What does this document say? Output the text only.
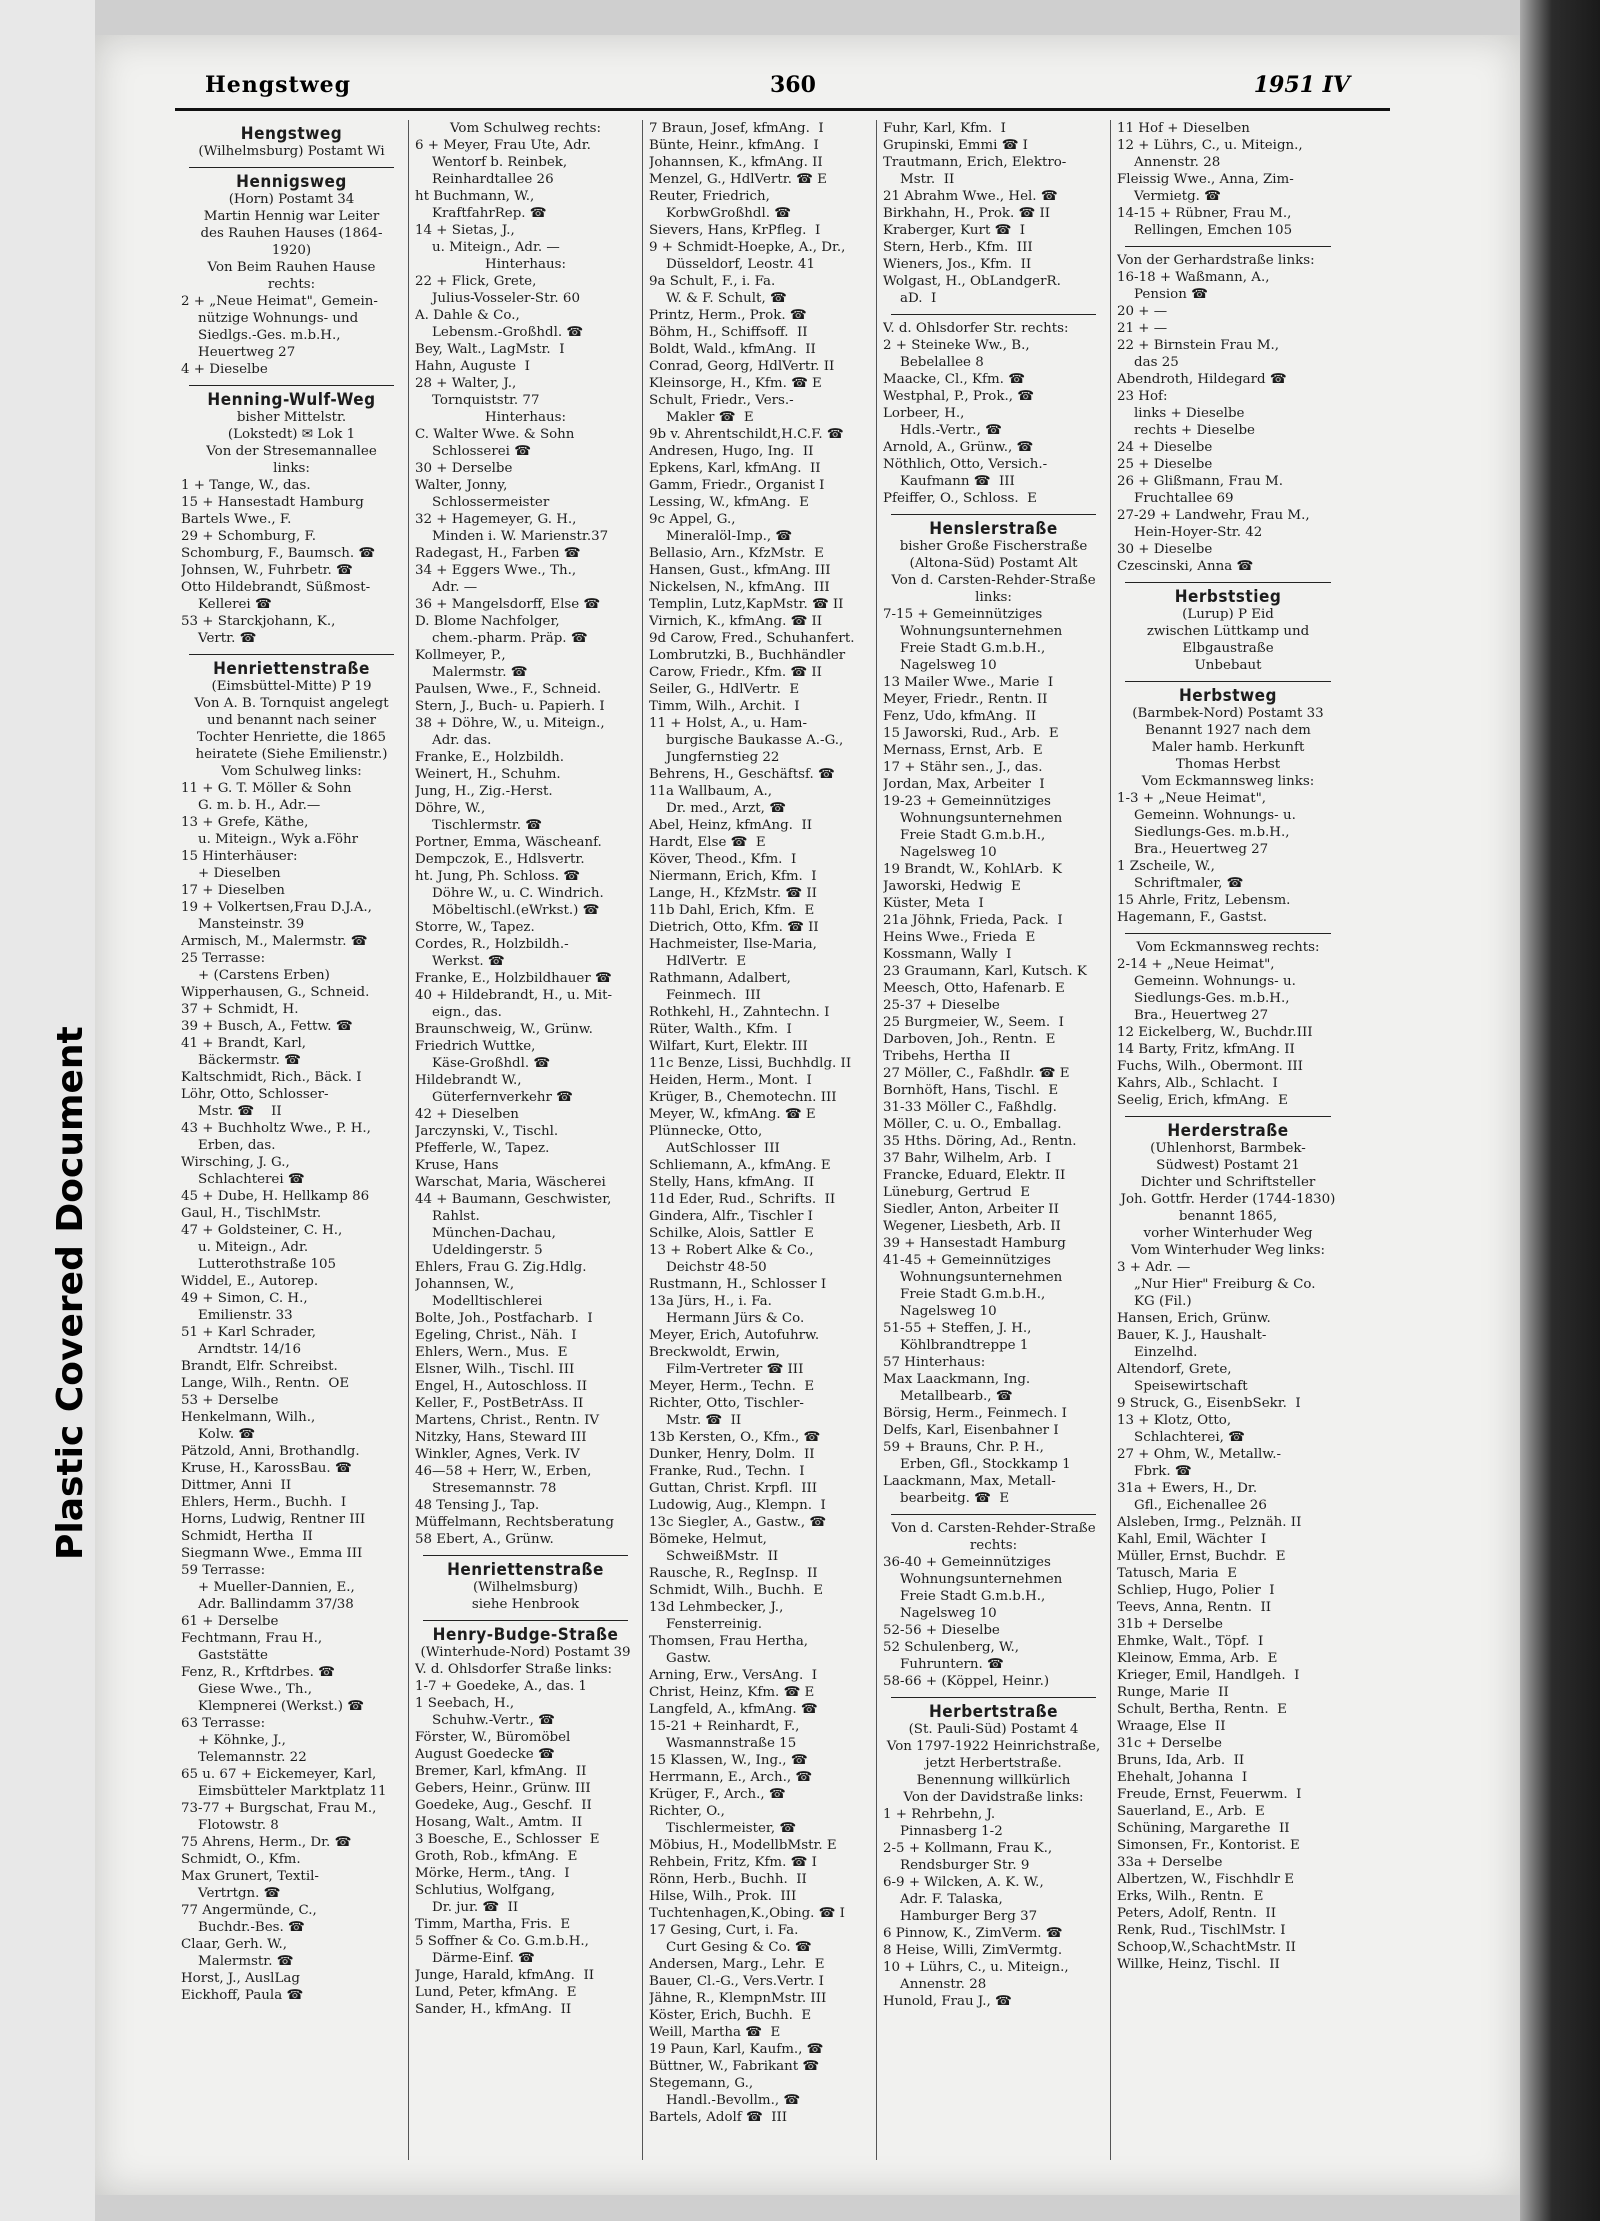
Plastic Covered Document
Hengstweg	360	1951 IV
Hengstweg
(Wilhelmsburg) Postamt Wi
Hennigsweg
(Horn) Postamt 34
Martin Hennig war Leiter
des Rauhen Hauses (1864-1920)
Von Beim Rauhen Hause
rechts:
2 + „Neue Heimat", Gemein-
nützige Wohnungs- und
Siedlgs.-Ges. m.b.H.,
Heuertweg 27
4 + Dieselbe
Henning-Wulf-Weg
bisher Mittelstr.
(Lokstedt) ✉ Lok 1
Von der Stresemannallee
links:
1 + Tange, W., das.
15 + Hansestadt Hamburg
Bartels Wwe., F.
29 + Schomburg, F.
Schomburg, F., Baumsch. ☎
Johnsen, W., Fuhrbetr. ☎
Otto Hildebrandt, Süßmost-
Kellerei ☎
53 + Starckjohann, K.,
Vertr. ☎
Henriettenstraße
(Eimsbüttel-Mitte) P 19
Von A. B. Tornquist angelegt
und benannt nach seiner
Tochter Henriette, die 1865
heiratete (Siehe Emilienstr.)
Vom Schulweg links:
11 + G. T. Möller & Sohn
G. m. b. H., Adr.—
13 + Grefe, Käthe,
u. Miteign., Wyk a.Föhr
15 Hinterhäuser:
+ Dieselben
17 + Dieselben
19 + Volkertsen,Frau D.J.A.,
Mansteinstr. 39
Armisch, M., Malermstr. ☎
25 Terrasse:
+ (Carstens Erben)
Wipperhausen, G., Schneid.
37 + Schmidt, H.
39 + Busch, A., Fettw. ☎
41 + Brandt, Karl,
Bäckermstr. ☎
Kaltschmidt, Rich., Bäck. I
Löhr, Otto, Schlosser-
Mstr. ☎    II
43 + Buchholtz Wwe., P. H.,
Erben, das.
Wirsching, J. G.,
Schlachterei ☎
45 + Dube, H. Hellkamp 86
Gaul, H., TischlMstr.
47 + Goldsteiner, C. H.,
u. Miteign., Adr.
Lutterothstraße 105
Widdel, E., Autorep.
49 + Simon, C. H.,
Emilienstr. 33
51 + Karl Schrader,
Arndtstr. 14/16
Brandt, Elfr. Schreibst.
Lange, Wilh., Rentn.  OE
53 + Derselbe
Henkelmann, Wilh.,
Kolw. ☎
Pätzold, Anni, Brothandlg.
Kruse, H., KarossBau. ☎
Dittmer, Anni  II
Ehlers, Herm., Buchh.  I
Horns, Ludwig, Rentner III
Schmidt, Hertha  II
Siegmann Wwe., Emma III
59 Terrasse:
+ Mueller-Dannien, E.,
Adr. Ballindamm 37/38
61 + Derselbe
Fechtmann, Frau H.,
Gaststätte
Fenz, R., Krftdrbes. ☎
Giese Wwe., Th.,
Klempnerei (Werkst.) ☎
63 Terrasse:
+ Köhnke, J.,
Telemannstr. 22
65 u. 67 + Eickemeyer, Karl,
Eimsbütteler Marktplatz 11
73-77 + Burgschat, Frau M.,
Flotowstr. 8
75 Ahrens, Herm., Dr. ☎
Schmidt, O., Kfm.
Max Grunert, Textil-
Vertrtgn. ☎
77 Angermünde, C.,
Buchdr.-Bes. ☎
Claar, Gerh. W.,
Malermstr. ☎
Horst, J., AuslLag
Eickhoff, Paula ☎
Vom Schulweg rechts:
6 + Meyer, Frau Ute, Adr.
Wentorf b. Reinbek,
Reinhardtallee 26
ht Buchmann, W.,
KraftfahrRep. ☎
14 + Sietas, J.,
u. Miteign., Adr. —
Hinterhaus:
22 + Flick, Grete,
Julius-Vosseler-Str. 60
A. Dahle & Co.,
Lebensm.-Großhdl. ☎
Bey, Walt., LagMstr.  I
Hahn, Auguste  I
28 + Walter, J.,
Tornquiststr. 77
Hinterhaus:
C. Walter Wwe. & Sohn
Schlosserei ☎
30 + Derselbe
Walter, Jonny,
Schlossermeister
32 + Hagemeyer, G. H.,
Minden i. W. Marienstr.37
Radegast, H., Farben ☎
34 + Eggers Wwe., Th.,
Adr. —
36 + Mangelsdorff, Else ☎
D. Blome Nachfolger,
chem.-pharm. Präp. ☎
Kollmeyer, P.,
Malermstr. ☎
Paulsen, Wwe., F., Schneid.
Stern, J., Buch- u. Papierh. I
38 + Döhre, W., u. Miteign.,
Adr. das.
Franke, E., Holzbildh.
Weinert, H., Schuhm.
Jung, H., Zig.-Herst.
Döhre, W.,
Tischlermstr. ☎
Portner, Emma, Wäscheanf.
Dempczok, E., Hdlsvertr.
ht. Jung, Ph. Schloss. ☎
Döhre W., u. C. Windrich.
Möbeltischl.(eWrkst.) ☎
Storre, W., Tapez.
Cordes, R., Holzbildh.-
Werkst. ☎
Franke, E., Holzbildhauer ☎
40 + Hildebrandt, H., u. Mit-
eign., das.
Braunschweig, W., Grünw.
Friedrich Wuttke,
Käse-Großhdl. ☎
Hildebrandt W.,
Güterfernverkehr ☎
42 + Dieselben
Jarczynski, V., Tischl.
Pfefferle, W., Tapez.
Kruse, Hans
Warschat, Maria, Wäscherei
44 + Baumann, Geschwister,
Rahlst.
München-Dachau,
Udeldingerstr. 5
Ehlers, Frau G. Zig.Hdlg.
Johannsen, W.,
Modelltischlerei
Bolte, Joh., Postfacharb.  I
Egeling, Christ., Näh.  I
Ehlers, Wern., Mus.  E
Elsner, Wilh., Tischl. III
Engel, H., Autoschloss. II
Keller, F., PostBetrAss. II
Martens, Christ., Rentn. IV
Nitzky, Hans, Steward III
Winkler, Agnes, Verk. IV
46—58 + Herr, W., Erben,
Stresemannstr. 78
48 Tensing J., Tap.
Müffelmann, Rechtsberatung
58 Ebert, A., Grünw.
Henriettenstraße
(Wilhelmsburg)
siehe Henbrook
Henry-Budge-Straße
(Winterhude-Nord) Postamt 39
V. d. Ohlsdorfer Straße links:
1-7 + Goedeke, A., das. 1
1 Seebach, H.,
Schuhw.-Vertr., ☎
Förster, W., Büromöbel
August Goedecke ☎
Bremer, Karl, kfmAng.  II
Gebers, Heinr., Grünw. III
Goedeke, Aug., Geschf.  II
Hosang, Walt., Amtm.  II
3 Boesche, E., Schlosser  E
Groth, Rob., kfmAng.  E
Mörke, Herm., tAng.  I
Schlutius, Wolfgang,
Dr. jur. ☎  II
Timm, Martha, Fris.  E
5 Soffner & Co. G.m.b.H.,
Därme-Einf. ☎
Junge, Harald, kfmAng.  II
Lund, Peter, kfmAng.  E
Sander, H., kfmAng.  II
7 Braun, Josef, kfmAng.  I
Bünte, Heinr., kfmAng.  I
Johannsen, K., kfmAng. II
Menzel, G., HdlVertr. ☎ E
Reuter, Friedrich,
KorbwGroßhdl. ☎
Sievers, Hans, KrPfleg.  I
9 + Schmidt-Hoepke, A., Dr.,
Düsseldorf, Leostr. 41
9a Schult, F., i. Fa.
W. & F. Schult, ☎
Printz, Herm., Prok. ☎
Böhm, H., Schiffsoff.  II
Boldt, Wald., kfmAng.  II
Conrad, Georg, HdlVertr. II
Kleinsorge, H., Kfm. ☎ E
Schult, Friedr., Vers.-
Makler ☎  E
9b v. Ahrentschildt,H.C.F. ☎
Andresen, Hugo, Ing.  II
Epkens, Karl, kfmAng.  II
Gamm, Friedr., Organist I
Lessing, W., kfmAng.  E
9c Appel, G.,
Mineralöl-Imp., ☎
Bellasio, Arn., KfzMstr.  E
Hansen, Gust., kfmAng. III
Nickelsen, N., kfmAng.  III
Templin, Lutz,KapMstr. ☎ II
Virnich, K., kfmAng. ☎ II
9d Carow, Fred., Schuhanfert.
Lombrutzki, B., Buchhändler
Carow, Friedr., Kfm. ☎ II
Seiler, G., HdlVertr.  E
Timm, Wilh., Archit.  I
11 + Holst, A., u. Ham-
burgische Baukasse A.-G.,
Jungfernstieg 22
Behrens, H., Geschäftsf. ☎
11a Wallbaum, A.,
Dr. med., Arzt, ☎
Abel, Heinz, kfmAng.  II
Hardt, Else ☎  E
Köver, Theod., Kfm.  I
Niermann, Erich, Kfm.  I
Lange, H., KfzMstr. ☎ II
11b Dahl, Erich, Kfm.  E
Dietrich, Otto, Kfm. ☎ II
Hachmeister, Ilse-Maria,
HdlVertr.  E
Rathmann, Adalbert,
Feinmech.  III
Rothkehl, H., Zahntechn. I
Rüter, Walth., Kfm.  I
Wilfart, Kurt, Elektr. III
11c Benze, Lissi, Buchhdlg. II
Heiden, Herm., Mont.  I
Krüger, B., Chemotechn. III
Meyer, W., kfmAng. ☎ E
Plünnecke, Otto,
AutSchlosser  III
Schliemann, A., kfmAng. E
Stelly, Hans, kfmAng.  II
11d Eder, Rud., Schrifts.  II
Gindera, Alfr., Tischler I
Schilke, Alois, Sattler  E
13 + Robert Alke & Co.,
Deichstr 48-50
Rustmann, H., Schlosser I
13a Jürs, H., i. Fa.
Hermann Jürs & Co.
Meyer, Erich, Autofuhrw.
Breckwoldt, Erwin,
Film-Vertreter ☎ III
Meyer, Herm., Techn.  E
Richter, Otto, Tischler-
Mstr. ☎  II
13b Kersten, O., Kfm., ☎
Dunker, Henry, Dolm.  II
Franke, Rud., Techn.  I
Guttan, Christ. Krpfl.  III
Ludowig, Aug., Klempn.  I
13c Siegler, A., Gastw., ☎
Bömeke, Helmut,
SchweißMstr.  II
Rausche, R., RegInsp.  II
Schmidt, Wilh., Buchh.  E
13d Lehmbecker, J.,
Fensterreinig.
Thomsen, Frau Hertha,
Gastw.
Arning, Erw., VersAng.  I
Christ, Heinz, Kfm. ☎ E
Langfeld, A., kfmAng. ☎
15-21 + Reinhardt, F.,
Wasmannstraße 15
15 Klassen, W., Ing., ☎
Herrmann, E., Arch., ☎
Krüger, F., Arch., ☎
Richter, O.,
Tischlermeister, ☎
Möbius, H., ModellbMstr. E
Rehbein, Fritz, Kfm. ☎ I
Rönn, Herb., Buchh.  II
Hilse, Wilh., Prok.  III
Tuchtenhagen,K.,Obing. ☎ I
17 Gesing, Curt, i. Fa.
Curt Gesing & Co. ☎
Andersen, Marg., Lehr.  E
Bauer, Cl.-G., Vers.Vertr. I
Jähne, R., KlempnMstr. III
Köster, Erich, Buchh.  E
Weill, Martha ☎  E
19 Paun, Karl, Kaufm., ☎
Büttner, W., Fabrikant ☎
Stegemann, G.,
Handl.-Bevollm., ☎
Bartels, Adolf ☎  III
Fuhr, Karl, Kfm.  I
Grupinski, Emmi ☎ I
Trautmann, Erich, Elektro-
Mstr.  II
21 Abrahm Wwe., Hel. ☎
Birkhahn, H., Prok. ☎ II
Kraberger, Kurt ☎  I
Stern, Herb., Kfm.  III
Wieners, Jos., Kfm.  II
Wolgast, H., ObLandgerR.
aD.  I
V. d. Ohlsdorfer Str. rechts:
2 + Steineke Ww., B.,
Bebelallee 8
Maacke, Cl., Kfm. ☎
Westphal, P., Prok., ☎
Lorbeer, H.,
Hdls.-Vertr., ☎
Arnold, A., Grünw., ☎
Nöthlich, Otto, Versich.-
Kaufmann ☎  III
Pfeiffer, O., Schloss.  E
Henslerstraße
bisher Große Fischerstraße
(Altona-Süd) Postamt Alt
Von d. Carsten-Rehder-Straße
links:
7-15 + Gemeinnütziges
Wohnungsunternehmen
Freie Stadt G.m.b.H.,
Nagelsweg 10
13 Mailer Wwe., Marie  I
Meyer, Friedr., Rentn. II
Fenz, Udo, kfmAng.  II
15 Jaworski, Rud., Arb.  E
Mernass, Ernst, Arb.  E
17 + Stähr sen., J., das.
Jordan, Max, Arbeiter  I
19-23 + Gemeinnütziges
Wohnungsunternehmen
Freie Stadt G.m.b.H.,
Nagelsweg 10
19 Brandt, W., KohlArb.  K
Jaworski, Hedwig  E
Küster, Meta  I
21a Jöhnk, Frieda, Pack.  I
Heins Wwe., Frieda  E
Kossmann, Wally  I
23 Graumann, Karl, Kutsch. K
Meesch, Otto, Hafenarb. E
25-37 + Dieselbe
25 Burgmeier, W., Seem.  I
Darboven, Joh., Rentn.  E
Tribehs, Hertha  II
27 Möller, C., Faßhdlr. ☎ E
Bornhöft, Hans, Tischl.  E
31-33 Möller C., Faßhdlg.
Möller, C. u. O., Emballag.
35 Hths. Döring, Ad., Rentn.
37 Bahr, Wilhelm, Arb.  I
Francke, Eduard, Elektr. II
Lüneburg, Gertrud  E
Siedler, Anton, Arbeiter II
Wegener, Liesbeth, Arb. II
39 + Hansestadt Hamburg
41-45 + Gemeinnütziges
Wohnungsunternehmen
Freie Stadt G.m.b.H.,
Nagelsweg 10
51-55 + Steffen, J. H.,
Köhlbrandtreppe 1
57 Hinterhaus:
Max Laackmann, Ing.
Metallbearb., ☎
Börsig, Herm., Feinmech. I
Delfs, Karl, Eisenbahner I
59 + Brauns, Chr. P. H.,
Erben, Gfl., Stockkamp 1
Laackmann, Max, Metall-
bearbeitg. ☎  E
Von d. Carsten-Rehder-Straße
rechts:
36-40 + Gemeinnütziges
Wohnungsunternehmen
Freie Stadt G.m.b.H.,
Nagelsweg 10
52-56 + Dieselbe
52 Schulenberg, W.,
Fuhruntern. ☎
58-66 + (Köppel, Heinr.)
Herbertstraße
(St. Pauli-Süd) Postamt 4
Von 1797-1922 Heinrichstraße,
jetzt Herbertstraße.
Benennung willkürlich
Von der Davidstraße links:
1 + Rehrbehn, J.
Pinnasberg 1-2
2-5 + Kollmann, Frau K.,
Rendsburger Str. 9
6-9 + Wilcken, A. K. W.,
Adr. F. Talaska,
Hamburger Berg 37
6 Pinnow, K., ZimVerm. ☎
8 Heise, Willi, ZimVermtg.
10 + Lührs, C., u. Miteign.,
Annenstr. 28
Hunold, Frau J., ☎
11 Hof + Dieselben
12 + Lührs, C., u. Miteign.,
Annenstr. 28
Fleissig Wwe., Anna, Zim-
Vermietg. ☎
14-15 + Rübner, Frau M.,
Rellingen, Emchen 105
Von der Gerhardstraße links:
16-18 + Waßmann, A.,
Pension ☎
20 + —
21 + —
22 + Birnstein Frau M.,
das 25
Abendroth, Hildegard ☎
23 Hof:
links + Dieselbe
rechts + Dieselbe
24 + Dieselbe
25 + Dieselbe
26 + Glißmann, Frau M.
Fruchtallee 69
27-29 + Landwehr, Frau M.,
Hein-Hoyer-Str. 42
30 + Dieselbe
Czescinski, Anna ☎
Herbststieg
(Lurup) P Eid
zwischen Lüttkamp und
Elbgaustraße
Unbebaut
Herbstweg
(Barmbek-Nord) Postamt 33
Benannt 1927 nach dem
Maler hamb. Herkunft
Thomas Herbst
Vom Eckmannsweg links:
1-3 + „Neue Heimat",
Gemeinn. Wohnungs- u.
Siedlungs-Ges. m.b.H.,
Bra., Heuertweg 27
1 Zscheile, W.,
Schriftmaler, ☎
15 Ahrle, Fritz, Lebensm.
Hagemann, F., Gastst.
Vom Eckmannsweg rechts:
2-14 + „Neue Heimat",
Gemeinn. Wohnungs- u.
Siedlungs-Ges. m.b.H.,
Bra., Heuertweg 27
12 Eickelberg, W., Buchdr.III
14 Barty, Fritz, kfmAng. II
Fuchs, Wilh., Obermont. III
Kahrs, Alb., Schlacht.  I
Seelig, Erich, kfmAng.  E
Herderstraße
(Uhlenhorst, Barmbek-
Südwest) Postamt 21
Dichter und Schriftsteller
Joh. Gottfr. Herder (1744-1830)
benannt 1865,
vorher Winterhuder Weg
Vom Winterhuder Weg links:
3 + Adr. —
„Nur Hier" Freiburg & Co.
KG (Fil.)
Hansen, Erich, Grünw.
Bauer, K. J., Haushalt-
Einzelhd.
Altendorf, Grete,
Speisewirtschaft
9 Struck, G., EisenbSekr.  I
13 + Klotz, Otto,
Schlachterei, ☎
27 + Ohm, W., Metallw.-
Fbrk. ☎
31a + Ewers, H., Dr.
Gfl., Eichenallee 26
Alsleben, Irmg., Pelznäh. II
Kahl, Emil, Wächter  I
Müller, Ernst, Buchdr.  E
Tatusch, Maria  E
Schliep, Hugo, Polier  I
Teevs, Anna, Rentn.  II
31b + Derselbe
Ehmke, Walt., Töpf.  I
Kleinow, Emma, Arb.  E
Krieger, Emil, Handlgeh.  I
Runge, Marie  II
Schult, Bertha, Rentn.  E
Wraage, Else  II
31c + Derselbe
Bruns, Ida, Arb.  II
Ehehalt, Johanna  I
Freude, Ernst, Feuerwm.  I
Sauerland, E., Arb.  E
Schüning, Margarethe  II
Simonsen, Fr., Kontorist. E
33a + Derselbe
Albertzen, W., Fischhdlr E
Erks, Wilh., Rentn.  E
Peters, Adolf, Rentn.  II
Renk, Rud., TischlMstr. I
Schoop,W.,SchachtMstr. II
Willke, Heinz, Tischl.  II
